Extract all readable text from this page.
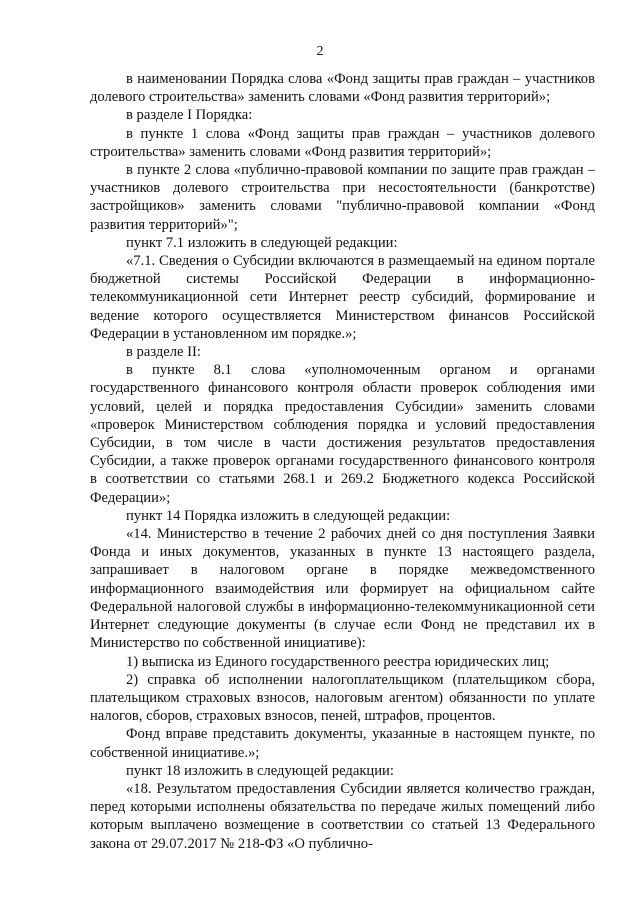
2

в наименовании Порядка слова «Фонд защиты прав граждан – участников долевого строительства» заменить словами «Фонд развития территорий»;

в разделе I Порядка:

в пункте 1 слова «Фонд защиты прав граждан – участников долевого строительства» заменить словами «Фонд развития территорий»;

в пункте 2 слова «публично-правовой компании по защите прав граждан – участников долевого строительства при несостоятельности (банкротстве) застройщиков» заменить словами "публично-правовой компании «Фонд развития территорий»";

пункт 7.1 изложить в следующей редакции:

«7.1. Сведения о Субсидии включаются в размещаемый на едином портале бюджетной системы Российской Федерации в информационно-телекоммуникационной сети Интернет реестр субсидий, формирование и ведение которого осуществляется Министерством финансов Российской Федерации в установленном им порядке.»;

в разделе II:

в пункте 8.1 слова «уполномоченным органом и органами государственного финансового контроля области проверок соблюдения ими условий, целей и порядка предоставления Субсидии» заменить словами «проверок Министерством соблюдения порядка и условий предоставления Субсидии, в том числе в части достижения результатов предоставления Субсидии, а также проверок органами государственного финансового контроля в соответствии со статьями 268.1 и 269.2 Бюджетного кодекса Российской Федерации»;

пункт 14 Порядка изложить в следующей редакции:

«14. Министерство в течение 2 рабочих дней со дня поступления Заявки Фонда и иных документов, указанных в пункте 13 настоящего раздела, запрашивает в налоговом органе в порядке межведомственного информационного взаимодействия или формирует на официальном сайте Федеральной налоговой службы в информационно-телекоммуникационной сети Интернет следующие документы (в случае если Фонд не представил их в Министерство по собственной инициативе):

1) выписка из Единого государственного реестра юридических лиц;

2) справка об исполнении налогоплательщиком (плательщиком сбора, плательщиком страховых взносов, налоговым агентом) обязанности по уплате налогов, сборов, страховых взносов, пеней, штрафов, процентов.

Фонд вправе представить документы, указанные в настоящем пункте, по собственной инициативе.»;

пункт 18 изложить в следующей редакции:

«18. Результатом предоставления Субсидии является количество граждан, перед которыми исполнены обязательства по передаче жилых помещений либо которым выплачено возмещение в соответствии со статьей 13 Федерального закона от 29.07.2017 № 218-ФЗ «О публично-
